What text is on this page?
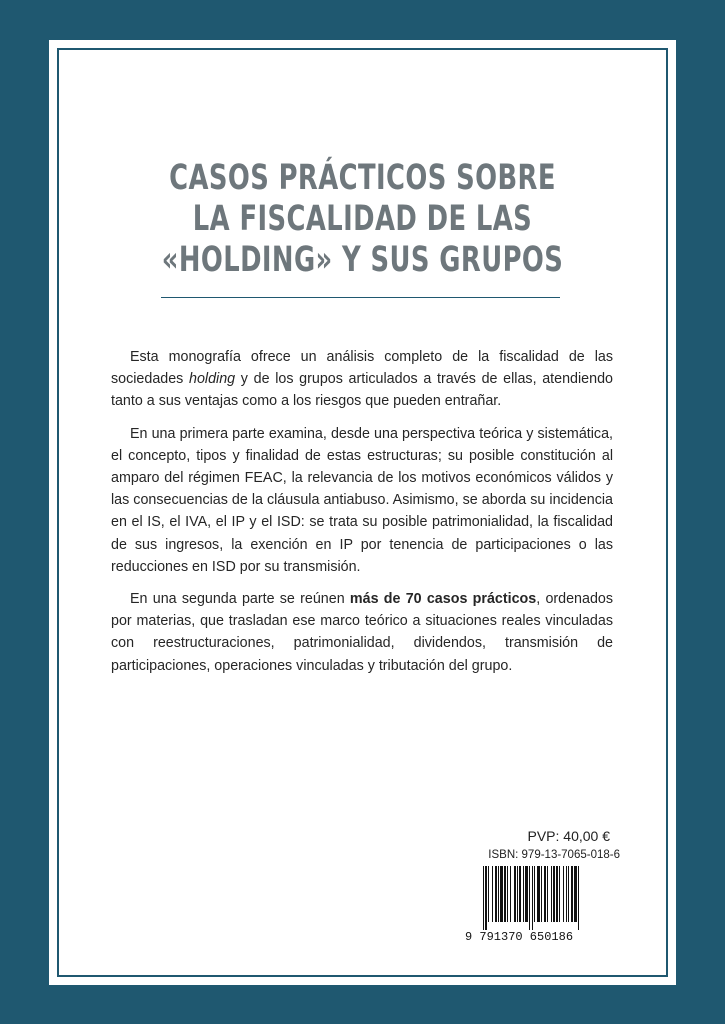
CASOS PRÁCTICOS SOBRE
LA FISCALIDAD DE LAS
«HOLDING» Y SUS GRUPOS

Esta monografía ofrece un análisis completo de la fiscalidad de las sociedades holding y de los grupos articulados a través de ellas, atendiendo tanto a sus ventajas como a los riesgos que pueden entrañar.

En una primera parte examina, desde una perspectiva teórica y sistemática, el concepto, tipos y finalidad de estas estructuras; su posible constitución al amparo del régimen FEAC, la relevancia de los motivos económicos válidos y las consecuencias de la cláusula antiabuso. Asimismo, se aborda su incidencia en el IS, el IVA, el IP y el ISD: se trata su posible patrimonialidad, la fiscalidad de sus ingresos, la exención en IP por tenencia de participaciones o las reducciones en ISD por su transmisión.

En una segunda parte se reúnen más de 70 casos prácticos, ordenados por materias, que trasladan ese marco teórico a situaciones reales vinculadas con reestructuraciones, patrimonialidad, dividendos, transmisión de participaciones, operaciones vinculadas y tributación del grupo.

PVP: 40,00 €
ISBN: 979-13-7065-018-6
9 791370 650186
